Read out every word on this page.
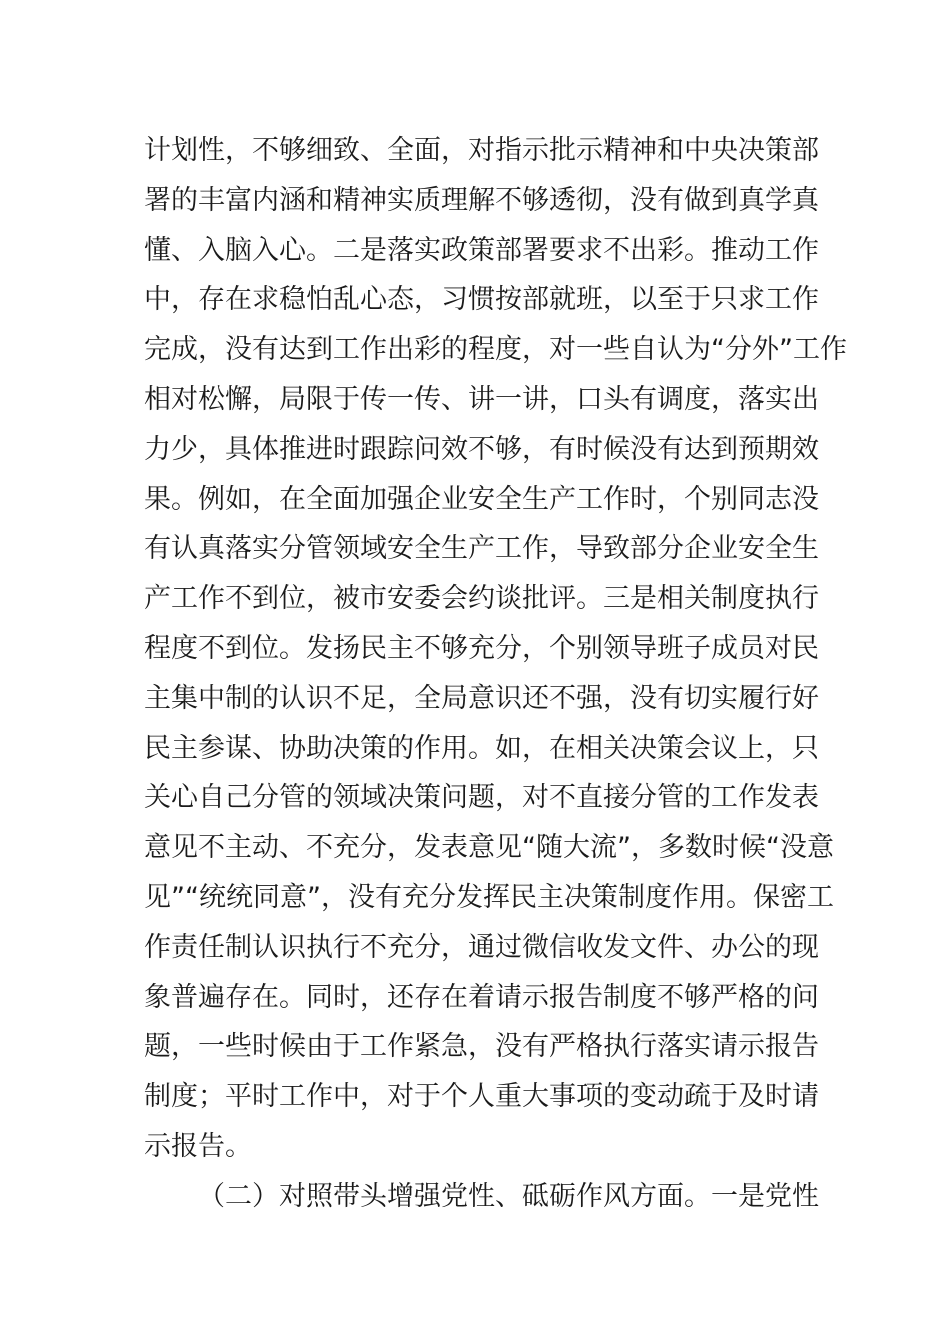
计划性，不够细致、全面，对指示批示精神和中央决策部
署的丰富内涵和精神实质理解不够透彻，没有做到真学真
懂、入脑入心。二是落实政策部署要求不出彩。推动工作
中，存在求稳怕乱心态，习惯按部就班，以至于只求工作
完成，没有达到工作出彩的程度，对一些自认为“分外”工作
相对松懈，局限于传一传、讲一讲，口头有调度，落实出
力少，具体推进时跟踪问效不够，有时候没有达到预期效
果。例如，在全面加强企业安全生产工作时，个别同志没
有认真落实分管领域安全生产工作，导致部分企业安全生
产工作不到位，被市安委会约谈批评。三是相关制度执行
程度不到位。发扬民主不够充分，个别领导班子成员对民
主集中制的认识不足，全局意识还不强，没有切实履行好
民主参谋、协助决策的作用。如，在相关决策会议上，只
关心自己分管的领域决策问题，对不直接分管的工作发表
意见不主动、不充分，发表意见“随大流”，多数时候“没意
见”“统统同意”，没有充分发挥民主决策制度作用。保密工
作责任制认识执行不充分，通过微信收发文件、办公的现
象普遍存在。同时，还存在着请示报告制度不够严格的问
题，一些时候由于工作紧急，没有严格执行落实请示报告
制度；平时工作中，对于个人重大事项的变动疏于及时请
示报告。
（二）对照带头增强党性、砥砺作风方面。一是党性
